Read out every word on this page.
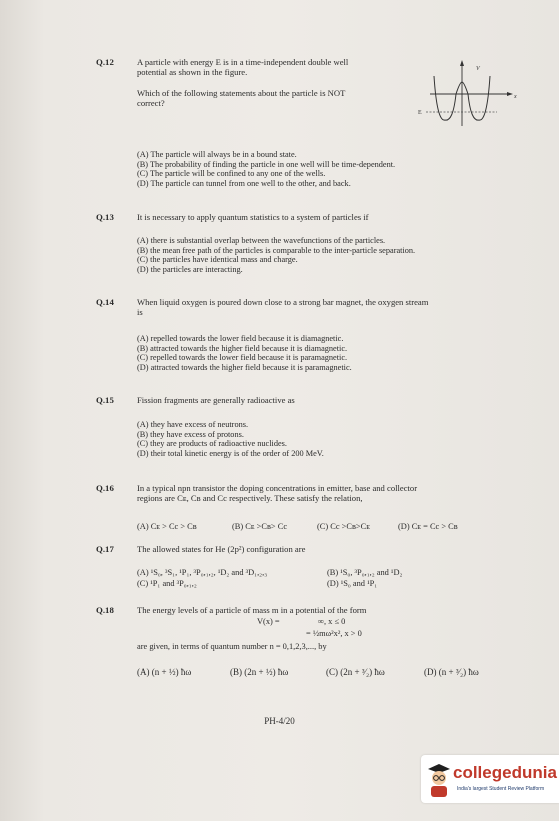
Q.12	A particle with energy E is in a time-independent double well
potential as shown in the figure.
Which of the following statements about the particle is NOT
correct?
V
x
E
(A) The particle will always be in a bound state.
(B) The probability of finding the particle in one well will be time-dependent.
(C) The particle will be confined to any one of the wells.
(D) The particle can tunnel from one well to the other, and back.
Q.13	It is necessary to apply quantum statistics to a system of particles if
(A) there is substantial overlap between the wavefunctions of the particles.
(B) the mean free path of the particles is comparable to the inter-particle separation.
(C) the particles have identical mass and charge.
(D) the particles are interacting.
Q.14	When liquid oxygen is poured down close to a strong bar magnet, the oxygen stream
is
(A) repelled towards the lower field because it is diamagnetic.
(B) attracted towards the higher field because it is diamagnetic.
(C) repelled towards the lower field because it is paramagnetic.
(D) attracted towards the higher field because it is paramagnetic.
Q.15	Fission fragments are generally radioactive as
(A) they have excess of neutrons.
(B) they have excess of protons.
(C) they are products of radioactive nuclides.
(D) their total kinetic energy is of the order of 200 MeV.
Q.16	In a typical npn transistor the doping concentrations in emitter, base and collector
regions are Cᴇ, Cʙ and Cc respectively. These satisfy the relation,
(A) Cᴇ > Cc > Cʙ	(B) Cᴇ >Cʙ> Cc	(C) Cc >Cʙ>Cᴇ	(D) Cᴇ = Cc > Cʙ
Q.17	The allowed states for He (2p²) configuration are
(A) ¹S₀, ³S₁, ¹P₁, ³P₀,₁,₂, ¹D₂ and ³D₁,₂,₃	(B) ¹S₀, ³P₀,₁,₂ and ¹D₂
(C) ¹P₁ and ³P₀,₁,₂	(D) ¹S₀ and ¹P₁
Q.18	The energy levels of a particle of mass m in a potential of the form
V(x) =	∞, x ≤ 0
= ½mω²x², x > 0
are given, in terms of quantum number n = 0,1,2,3,..., by
(A) (n + ½) ħω	(B) (2n + ½) ħω	(C) (2n + ³⁄₂) ħω	(D) (n + ³⁄₂) ħω
PH-4/20
collegedunia
India's largest Student Review Platform
